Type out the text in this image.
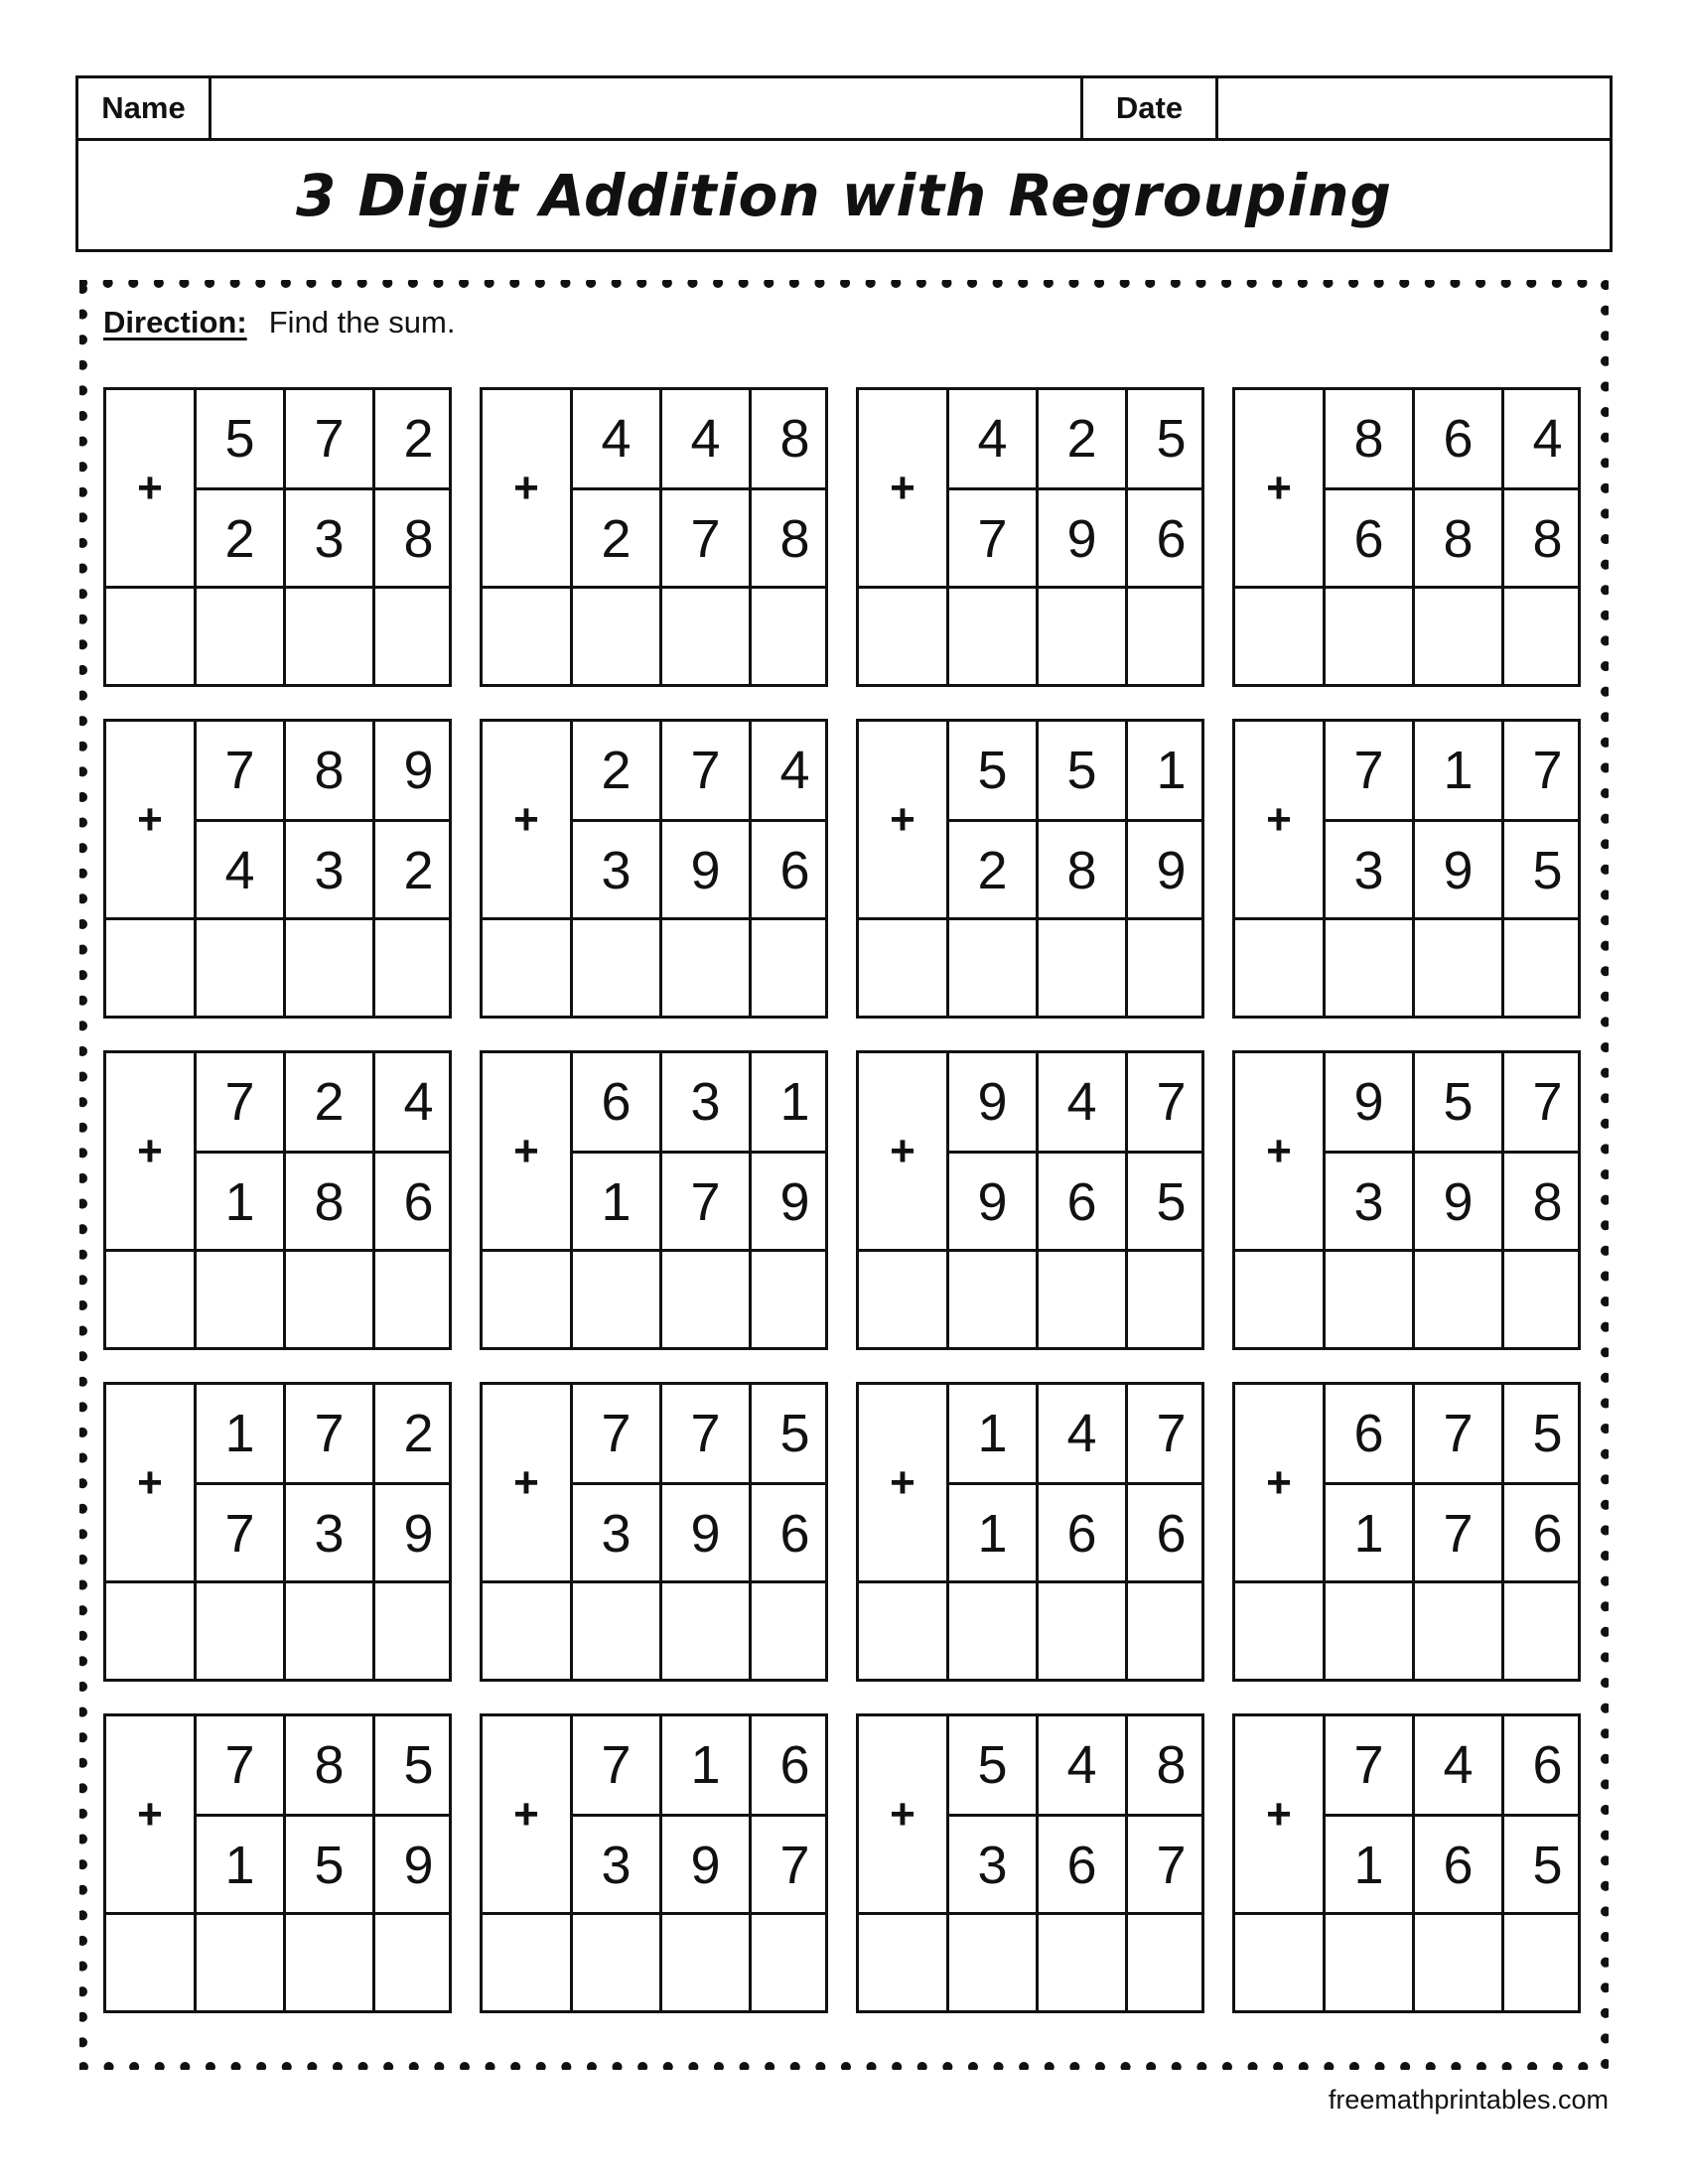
Name	Date
3 Digit Addition with Regrouping
Direction: Find the sum.
+
5	7	2
2	3	8
+
4	4	8
2	7	8
+
4	2	5
7	9	6
+
8	6	4
6	8	8
+
7	8	9
4	3	2
+
2	7	4
3	9	6
+
5	5	1
2	8	9
+
7	1	7
3	9	5
+
7	2	4
1	8	6
+
6	3	1
1	7	9
+
9	4	7
9	6	5
+
9	5	7
3	9	8
+
1	7	2
7	3	9
+
7	7	5
3	9	6
+
1	4	7
1	6	6
+
6	7	5
1	7	6
+
7	8	5
1	5	9
+
7	1	6
3	9	7
+
5	4	8
3	6	7
+
7	4	6
1	6	5
freemathprintables.com
